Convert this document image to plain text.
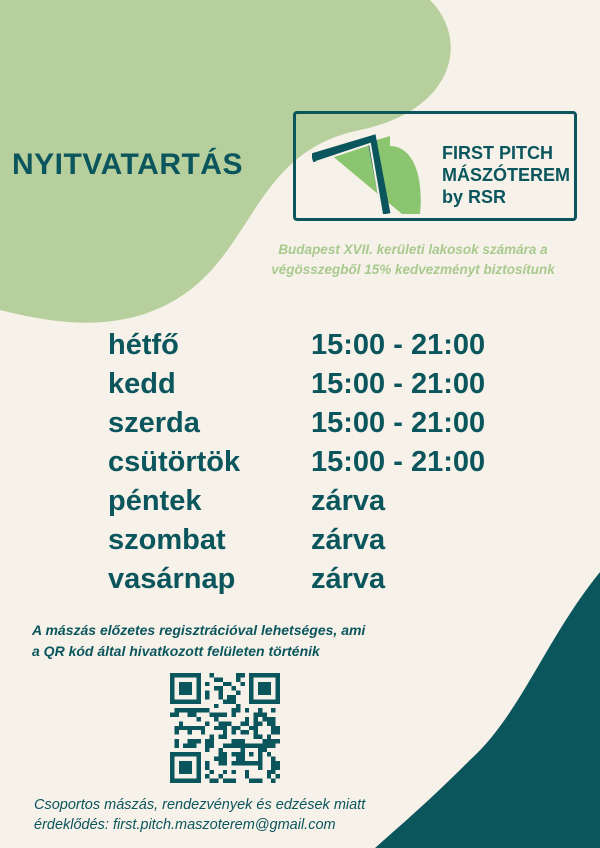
NYITVATARTÁS	FIRST PITCH
MÁSZÓTEREM
by RSR
Budapest XVII. kerületi lakosok számára a
végösszegből 15% kedvezményt biztosítunk
hétfő	15:00 - 21:00
kedd	15:00 - 21:00
szerda	15:00 - 21:00
csütörtök 15:00 - 21:00
péntek	zárva
szombat	zárva
vasárnap	zárva
A mászás előzetes regisztrációval lehetséges, ami
a QR kód által hivatkozott felületen történik
Csoportos mászás, rendezvények és edzések miatt
érdeklődés: first.pitch.maszoterem@gmail.com
